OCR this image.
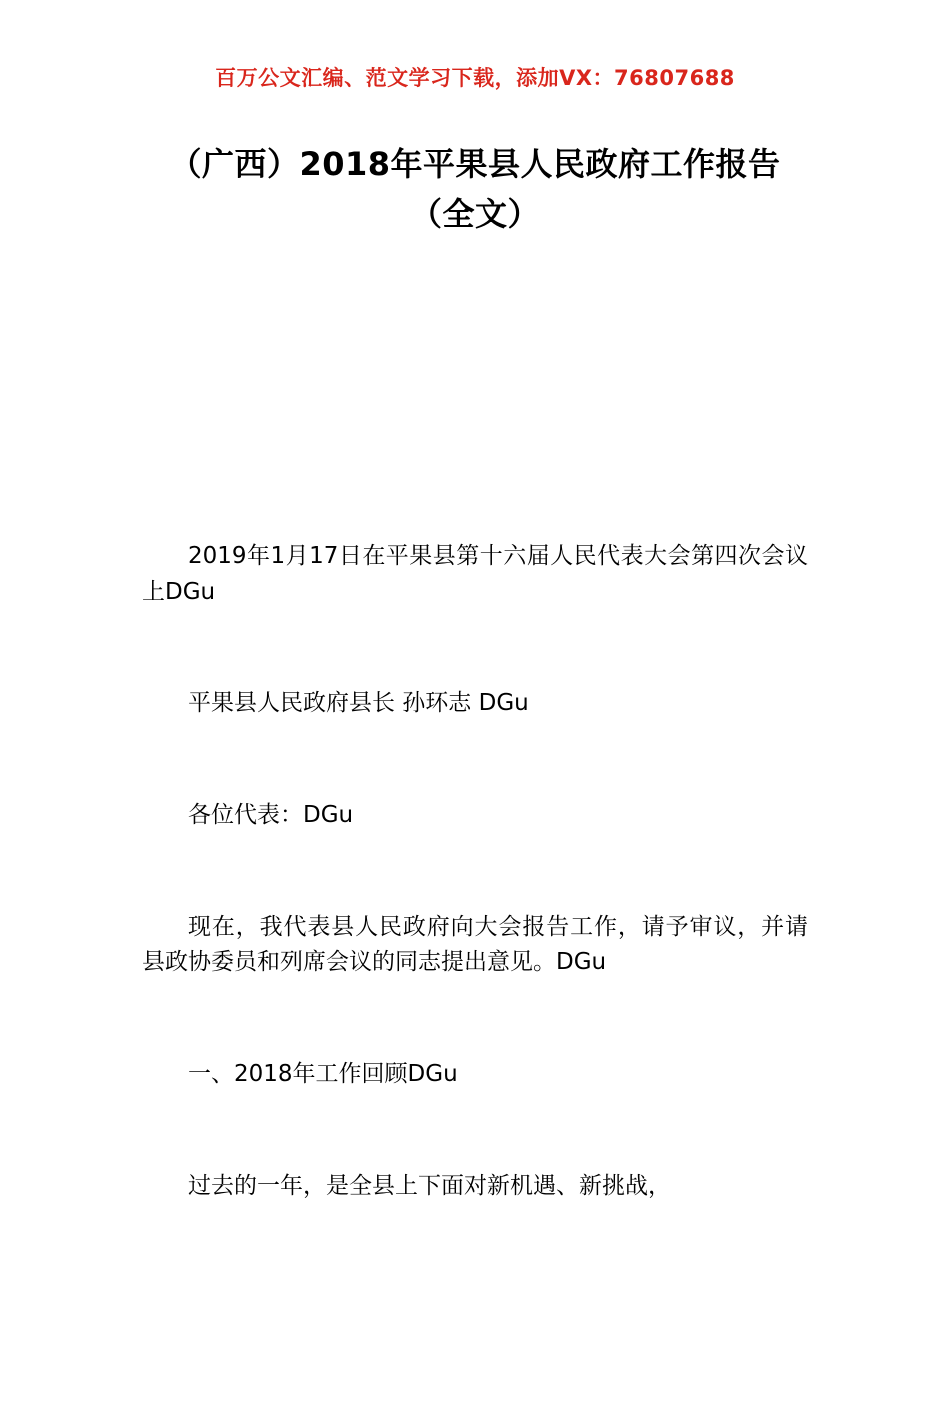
百万公文汇编、范文学习下载，添加VX：76807688
（广西）2018年平果县人民政府工作报告
（全文）

2019年1月17日在平果县第十六届人民代表大会第四次会议上DGu

平果县人民政府县长 孙环志 DGu

各位代表：DGu

现在，我代表县人民政府向大会报告工作，请予审议，并请县政协委员和列席会议的同志提出意见。DGu

一、2018年工作回顾DGu

过去的一年，是全县上下面对新机遇、新挑战，
